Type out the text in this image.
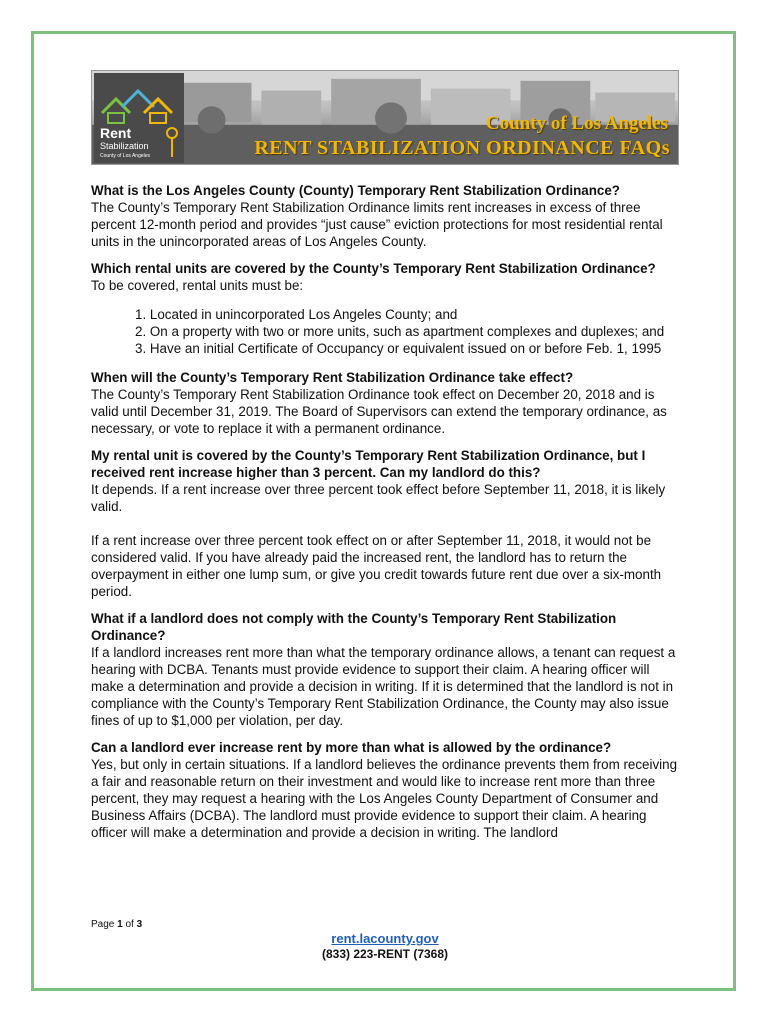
Rent
Stabilization
County of Los Angeles
County of Los Angeles
RENT STABILIZATION ORDINANCE FAQs

What is the Los Angeles County (County) Temporary Rent Stabilization Ordinance?
The County’s Temporary Rent Stabilization Ordinance limits rent increases in excess of three percent 12-month period and provides “just cause” eviction protections for most residential rental units in the unincorporated areas of Los Angeles County.

Which rental units are covered by the County’s Temporary Rent Stabilization Ordinance?
To be covered, rental units must be:

1. Located in unincorporated Los Angeles County; and
2. On a property with two or more units, such as apartment complexes and duplexes; and
3. Have an initial Certificate of Occupancy or equivalent issued on or before Feb. 1, 1995

When will the County’s Temporary Rent Stabilization Ordinance take effect?
The County’s Temporary Rent Stabilization Ordinance took effect on December 20, 2018 and is valid until December 31, 2019. The Board of Supervisors can extend the temporary ordinance, as necessary, or vote to replace it with a permanent ordinance.

My rental unit is covered by the County’s Temporary Rent Stabilization Ordinance, but I received rent increase higher than 3 percent. Can my landlord do this?
It depends. If a rent increase over three percent took effect before September 11, 2018, it is likely valid.

If a rent increase over three percent took effect on or after September 11, 2018, it would not be considered valid. If you have already paid the increased rent, the landlord has to return the overpayment in either one lump sum, or give you credit towards future rent due over a six-month period.

What if a landlord does not comply with the County’s Temporary Rent Stabilization Ordinance?
If a landlord increases rent more than what the temporary ordinance allows, a tenant can request a hearing with DCBA. Tenants must provide evidence to support their claim. A hearing officer will make a determination and provide a decision in writing. If it is determined that the landlord is not in compliance with the County’s Temporary Rent Stabilization Ordinance, the County may also issue fines of up to $1,000 per violation, per day.

Can a landlord ever increase rent by more than what is allowed by the ordinance?
Yes, but only in certain situations. If a landlord believes the ordinance prevents them from receiving a fair and reasonable return on their investment and would like to increase rent more than three percent, they may request a hearing with the Los Angeles County Department of Consumer and Business Affairs (DCBA). The landlord must provide evidence to support their claim. A hearing officer will make a determination and provide a decision in writing. The landlord

Page 1 of 3
rent.lacounty.gov
(833) 223-RENT (7368)
